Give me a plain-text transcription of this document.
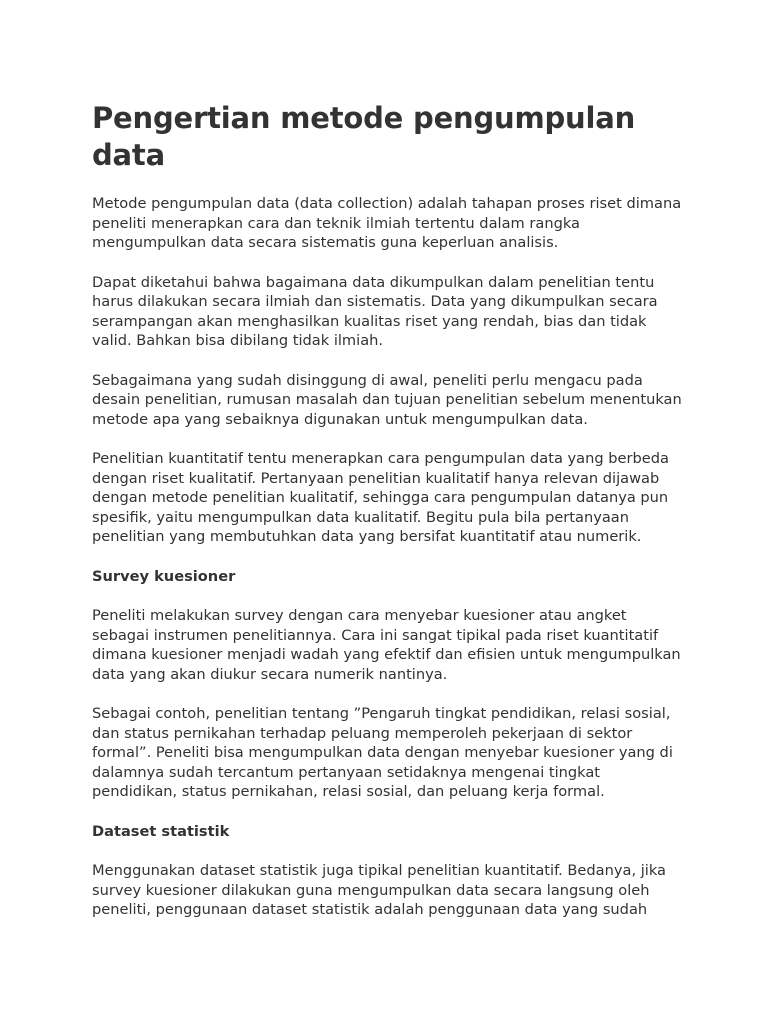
Pengertian metode pengumpulan data

Metode pengumpulan data (data collection) adalah tahapan proses riset dimana peneliti menerapkan cara dan teknik ilmiah tertentu dalam rangka mengumpulkan data secara sistematis guna keperluan analisis.

Dapat diketahui bahwa bagaimana data dikumpulkan dalam penelitian tentu harus dilakukan secara ilmiah dan sistematis. Data yang dikumpulkan secara serampangan akan menghasilkan kualitas riset yang rendah, bias dan tidak valid. Bahkan bisa dibilang tidak ilmiah.

Sebagaimana yang sudah disinggung di awal, peneliti perlu mengacu pada desain penelitian, rumusan masalah dan tujuan penelitian sebelum menentukan metode apa yang sebaiknya digunakan untuk mengumpulkan data.

Penelitian kuantitatif tentu menerapkan cara pengumpulan data yang berbeda dengan riset kualitatif. Pertanyaan penelitian kualitatif hanya relevan dijawab dengan metode penelitian kualitatif, sehingga cara pengumpulan datanya pun spesifik, yaitu mengumpulkan data kualitatif. Begitu pula bila pertanyaan penelitian yang membutuhkan data yang bersifat kuantitatif atau numerik.

Survey kuesioner

Peneliti melakukan survey dengan cara menyebar kuesioner atau angket sebagai instrumen penelitiannya. Cara ini sangat tipikal pada riset kuantitatif dimana kuesioner menjadi wadah yang efektif dan efisien untuk mengumpulkan data yang akan diukur secara numerik nantinya.

Sebagai contoh, penelitian tentang ”Pengaruh tingkat pendidikan, relasi sosial, dan status pernikahan terhadap peluang memperoleh pekerjaan di sektor formal”. Peneliti bisa mengumpulkan data dengan menyebar kuesioner yang di dalamnya sudah tercantum pertanyaan setidaknya mengenai tingkat pendidikan, status pernikahan, relasi sosial, dan peluang kerja formal.

Dataset statistik

Menggunakan dataset statistik juga tipikal penelitian kuantitatif. Bedanya, jika survey kuesioner dilakukan guna mengumpulkan data secara langsung oleh peneliti, penggunaan dataset statistik adalah penggunaan data yang sudah
